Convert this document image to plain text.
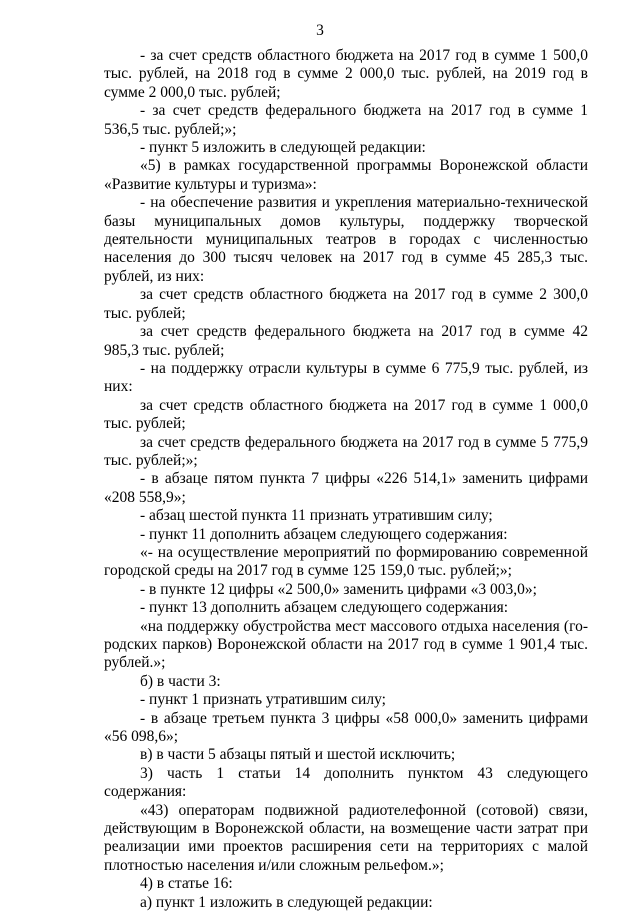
3

- за счет средств областного бюджета на 2017 год в сумме 1 500,0 тыс. рублей, на 2018 год в сумме 2 000,0 тыс. рублей, на 2019 год в сумме 2 000,0 тыс. рублей;

- за счет средств федерального бюджета на 2017 год в сумме 1 536,5 тыс. рублей;»;

- пункт 5 изложить в следующей редакции:

«5) в рамках государственной программы Воронежской области «Развитие культуры и туризма»:

- на обеспечение развития и укрепления материально-технической базы муниципальных домов культуры, поддержку творческой деятельности муниципальных театров в городах с численностью населения до 300 тысяч человек на 2017 год в сумме 45 285,3 тыс. рублей, из них:

за счет средств областного бюджета на 2017 год в сумме 2 300,0 тыс. рублей;

за счет средств федерального бюджета на 2017 год в сумме 42 985,3 тыс. рублей;

- на поддержку отрасли культуры в сумме 6 775,9 тыс. рублей, из них:

за счет средств областного бюджета на 2017 год в сумме 1 000,0 тыс. рублей;

за счет средств федерального бюджета на 2017 год в сумме 5 775,9 тыс. рублей;»;

- в абзаце пятом пункта 7 цифры «226 514,1» заменить цифрами «208 558,9»;

- абзац шестой пункта 11 признать утратившим силу;

- пункт 11 дополнить абзацем следующего содержания:

«- на осуществление мероприятий по формированию современной городской среды на 2017 год в сумме 125 159,0 тыс. рублей;»;

- в пункте 12 цифры «2 500,0» заменить цифрами «3 003,0»;

- пункт 13 дополнить абзацем следующего содержания:

«на поддержку обустройства мест массового отдыха населения (городских парков) Воронежской области на 2017 год в сумме 1 901,4 тыс. рублей.»;

б) в части 3:

- пункт 1 признать утратившим силу;

- в абзаце третьем пункта 3 цифры «58 000,0» заменить цифрами «56 098,6»;

в) в части 5 абзацы пятый и шестой исключить;

3) часть 1 статьи 14 дополнить пунктом 43 следующего содержания:

«43) операторам подвижной радиотелефонной (сотовой) связи, действующим в Воронежской области, на возмещение части затрат при реализации ими проектов расширения сети на территориях с малой плотностью населения и/или сложным рельефом.»;

4) в статье 16:

а) пункт 1 изложить в следующей редакции:
